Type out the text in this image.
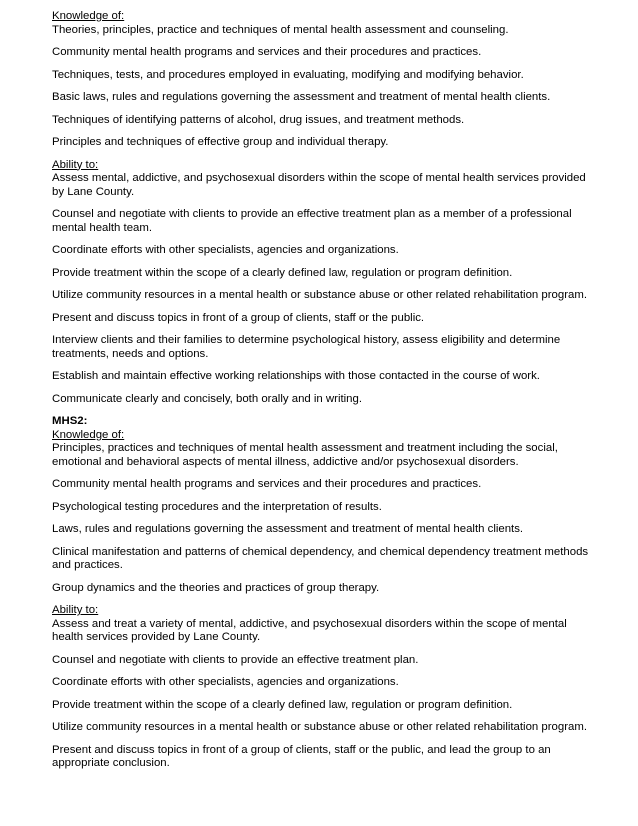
Knowledge of:

Theories, principles, practice and techniques of mental health assessment and counseling.

Community mental health programs and services and their procedures and practices.

Techniques, tests, and procedures employed in evaluating, modifying and modifying behavior.

Basic laws, rules and regulations governing the assessment and treatment of mental health clients.

Techniques of identifying patterns of alcohol, drug issues, and treatment methods.

Principles and techniques of effective group and individual therapy.

Ability to:

Assess mental, addictive, and psychosexual disorders within the scope of mental health services provided by Lane County.

Counsel and negotiate with clients to provide an effective treatment plan as a member of a professional mental health team.

Coordinate efforts with other specialists, agencies and organizations.

Provide treatment within the scope of a clearly defined law, regulation or program definition.

Utilize community resources in a mental health or substance abuse or other related rehabilitation program.

Present and discuss topics in front of a group of clients, staff or the public.

Interview clients and their families to determine psychological history, assess eligibility and determine treatments, needs and options.

Establish and maintain effective working relationships with those contacted in the course of work.

Communicate clearly and concisely, both orally and in writing.

MHS2:
Knowledge of:

Principles, practices and techniques of mental health assessment and treatment including the social, emotional and behavioral aspects of mental illness, addictive and/or psychosexual disorders.

Community mental health programs and services and their procedures and practices.

Psychological testing procedures and the interpretation of results.

Laws, rules and regulations governing the assessment and treatment of mental health clients.

Clinical manifestation and patterns of chemical dependency, and chemical dependency treatment methods and practices.

Group dynamics and the theories and practices of group therapy.

Ability to:

Assess and treat a variety of mental, addictive, and psychosexual disorders within the scope of mental health services provided by Lane County.

Counsel and negotiate with clients to provide an effective treatment plan.

Coordinate efforts with other specialists, agencies and organizations.

Provide treatment within the scope of a clearly defined law, regulation or program definition.

Utilize community resources in a mental health or substance abuse or other related rehabilitation program.

Present and discuss topics in front of a group of clients, staff or the public, and lead the group to an appropriate conclusion.
